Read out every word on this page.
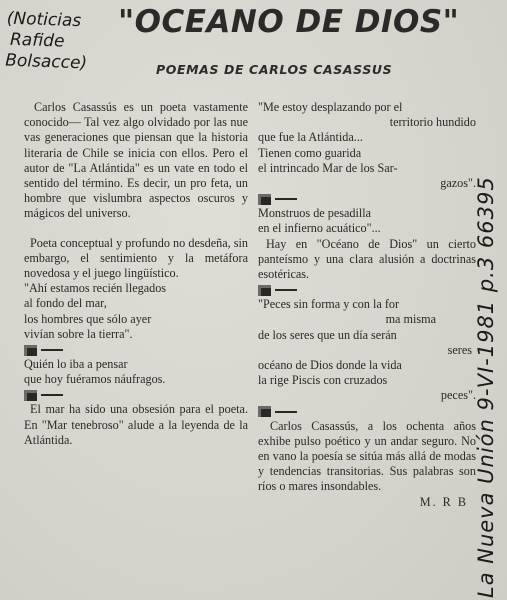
(Noticias
Rafide
Bolsacce)
"OCEANO DE DIOS"
POEMAS DE CARLOS CASASSUS

Carlos Casassús es un poeta vastamente conocido— Tal vez algo olvidado por las nue vas generaciones que piensan que la historia literaria de Chile se inicia con ellos. Pero el autor de "La Atlántida" es un vate en todo el sentido del término. Es decir, un pro feta, un hombre que vislumbra aspectos oscuros y mágicos del universo.

Poeta conceptual y profundo no desdeña, sin embargo, el sentimiento y la metáfora novedosa y el juego lingüístico.

"Ahí estamos recién llegados

al fondo del mar,

los hombres que sólo ayer

vivían sobre la tierra".

Quién lo iba a pensar

que hoy fuéramos náufragos.

El mar ha sido una obsesión para el poeta. En "Mar tenebroso" alude a la leyenda de la Atlántida.

"Me estoy desplazando por el

territorio hundido

que fue la Atlántida...

Tienen como guarida

el intrincado Mar de los Sar-

gazos".

Monstruos de pesadilla

en el infierno acuático"...

Hay en "Océano de Dios" un cierto panteísmo y una clara alusión a doctrinas esotéricas.

"Peces sin forma y con la for

ma misma

de los seres que un día serán

seres

océano de Dios donde la vida

la rige Piscis con cruzados

peces".

Carlos Casassús, a los ochenta años exhibe pulso poético y un andar seguro. No en vano la poesía se sitúa más allá de modas y tendencias transitorias. Sus palabras son ríos o mares insondables.

M. R B La Nueva Unión 9-VI-1981 p.3 66395
